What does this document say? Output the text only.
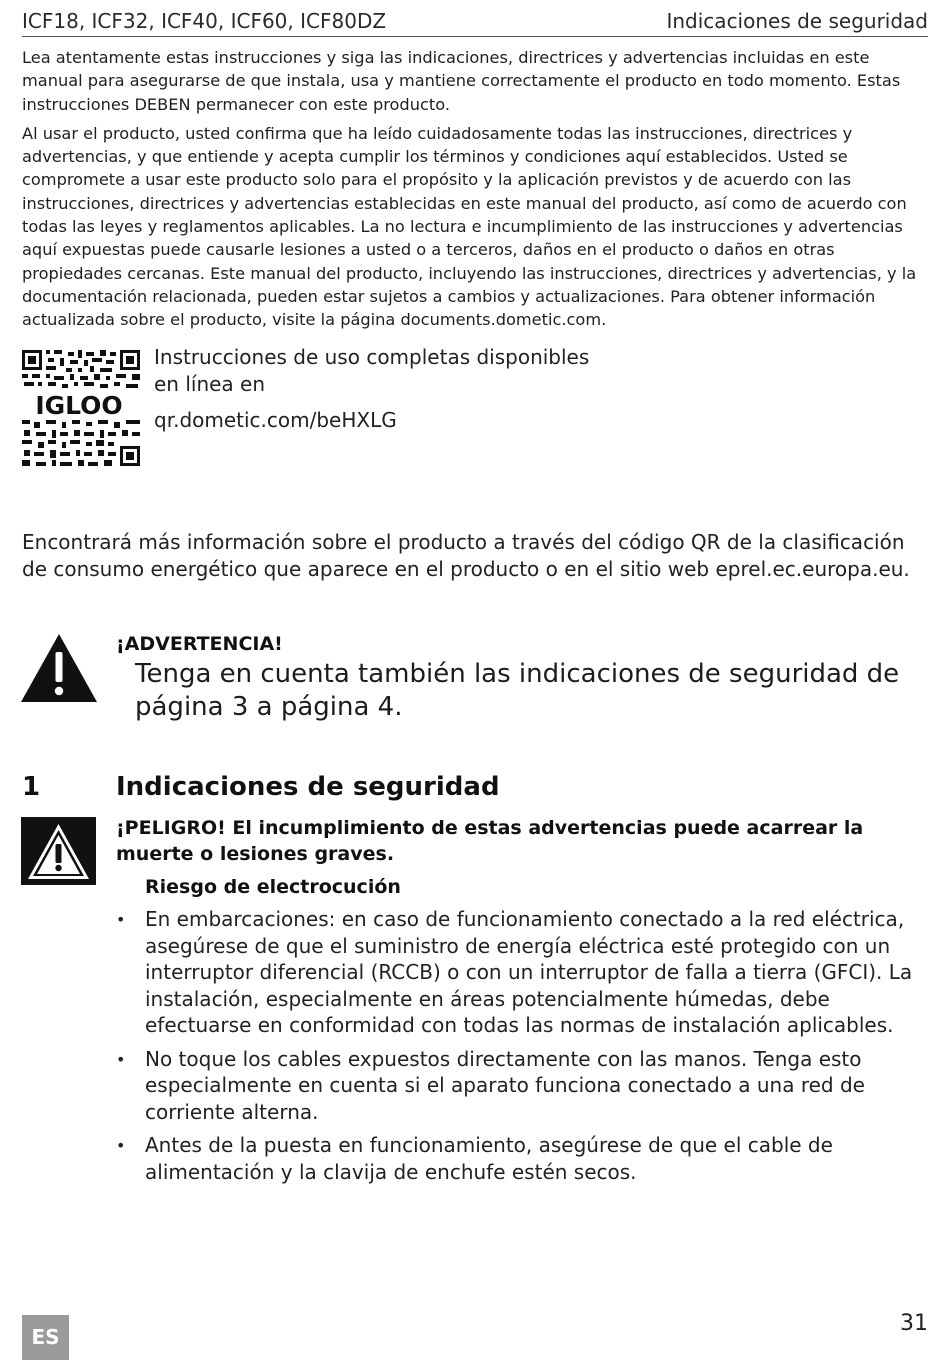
ICF18, ICF32, ICF40, ICF60, ICF80DZ	Indicaciones de seguridad

Lea atentamente estas instrucciones y siga las indicaciones, directrices y advertencias incluidas en este manual para asegurarse de que instala, usa y mantiene correctamente el producto en todo momento. Estas instrucciones DEBEN permanecer con este producto.

Al usar el producto, usted confirma que ha leído cuidadosamente todas las instrucciones, directrices y advertencias, y que entiende y acepta cumplir los términos y condiciones aquí establecidos. Usted se compromete a usar este producto solo para el propósito y la aplicación previstos y de acuerdo con las instrucciones, directrices y advertencias establecidas en este manual del producto, así como de acuerdo con todas las leyes y reglamentos aplicables. La no lectura e incumplimiento de las instrucciones y advertencias aquí expuestas puede causarle lesiones a usted o a terceros, daños en el producto o daños en otras propiedades cercanas. Este manual del producto, incluyendo las instrucciones, directrices y advertencias, y la documentación relacionada, pueden estar sujetos a cambios y actualizaciones. Para obtener información actualizada sobre el producto, visite la página documents.dometic.com.

IGLOO
Instrucciones de uso completas disponibles
en línea en
qr.dometic.com/beHXLG
Encontrará más información sobre el producto a través del código QR de la clasificación de consumo energético que aparece en el producto o en el sitio web eprel.ec.europa.eu.
¡ADVERTENCIA!
Tenga en cuenta también las indicaciones de seguridad de página 3 a página 4.
1	Indicaciones de seguridad
¡PELIGRO! El incumplimiento de estas advertencias puede acarrear la muerte o lesiones graves.
Riesgo de electrocución
• En embarcaciones: en caso de funcionamiento conectado a la red eléctrica, asegúrese de que el suministro de energía eléctrica esté protegido con un interruptor diferencial (RCCB) o con un interruptor de falla a tierra (GFCI). La instalación, especialmente en áreas potencialmente húmedas, debe efectuarse en conformidad con todas las normas de instalación aplicables.
• No toque los cables expuestos directamente con las manos. Tenga esto especialmente en cuenta si el aparato funciona conectado a una red de corriente alterna.
• Antes de la puesta en funcionamiento, asegúrese de que el cable de alimentación y la clavija de enchufe estén secos.
ES
31
